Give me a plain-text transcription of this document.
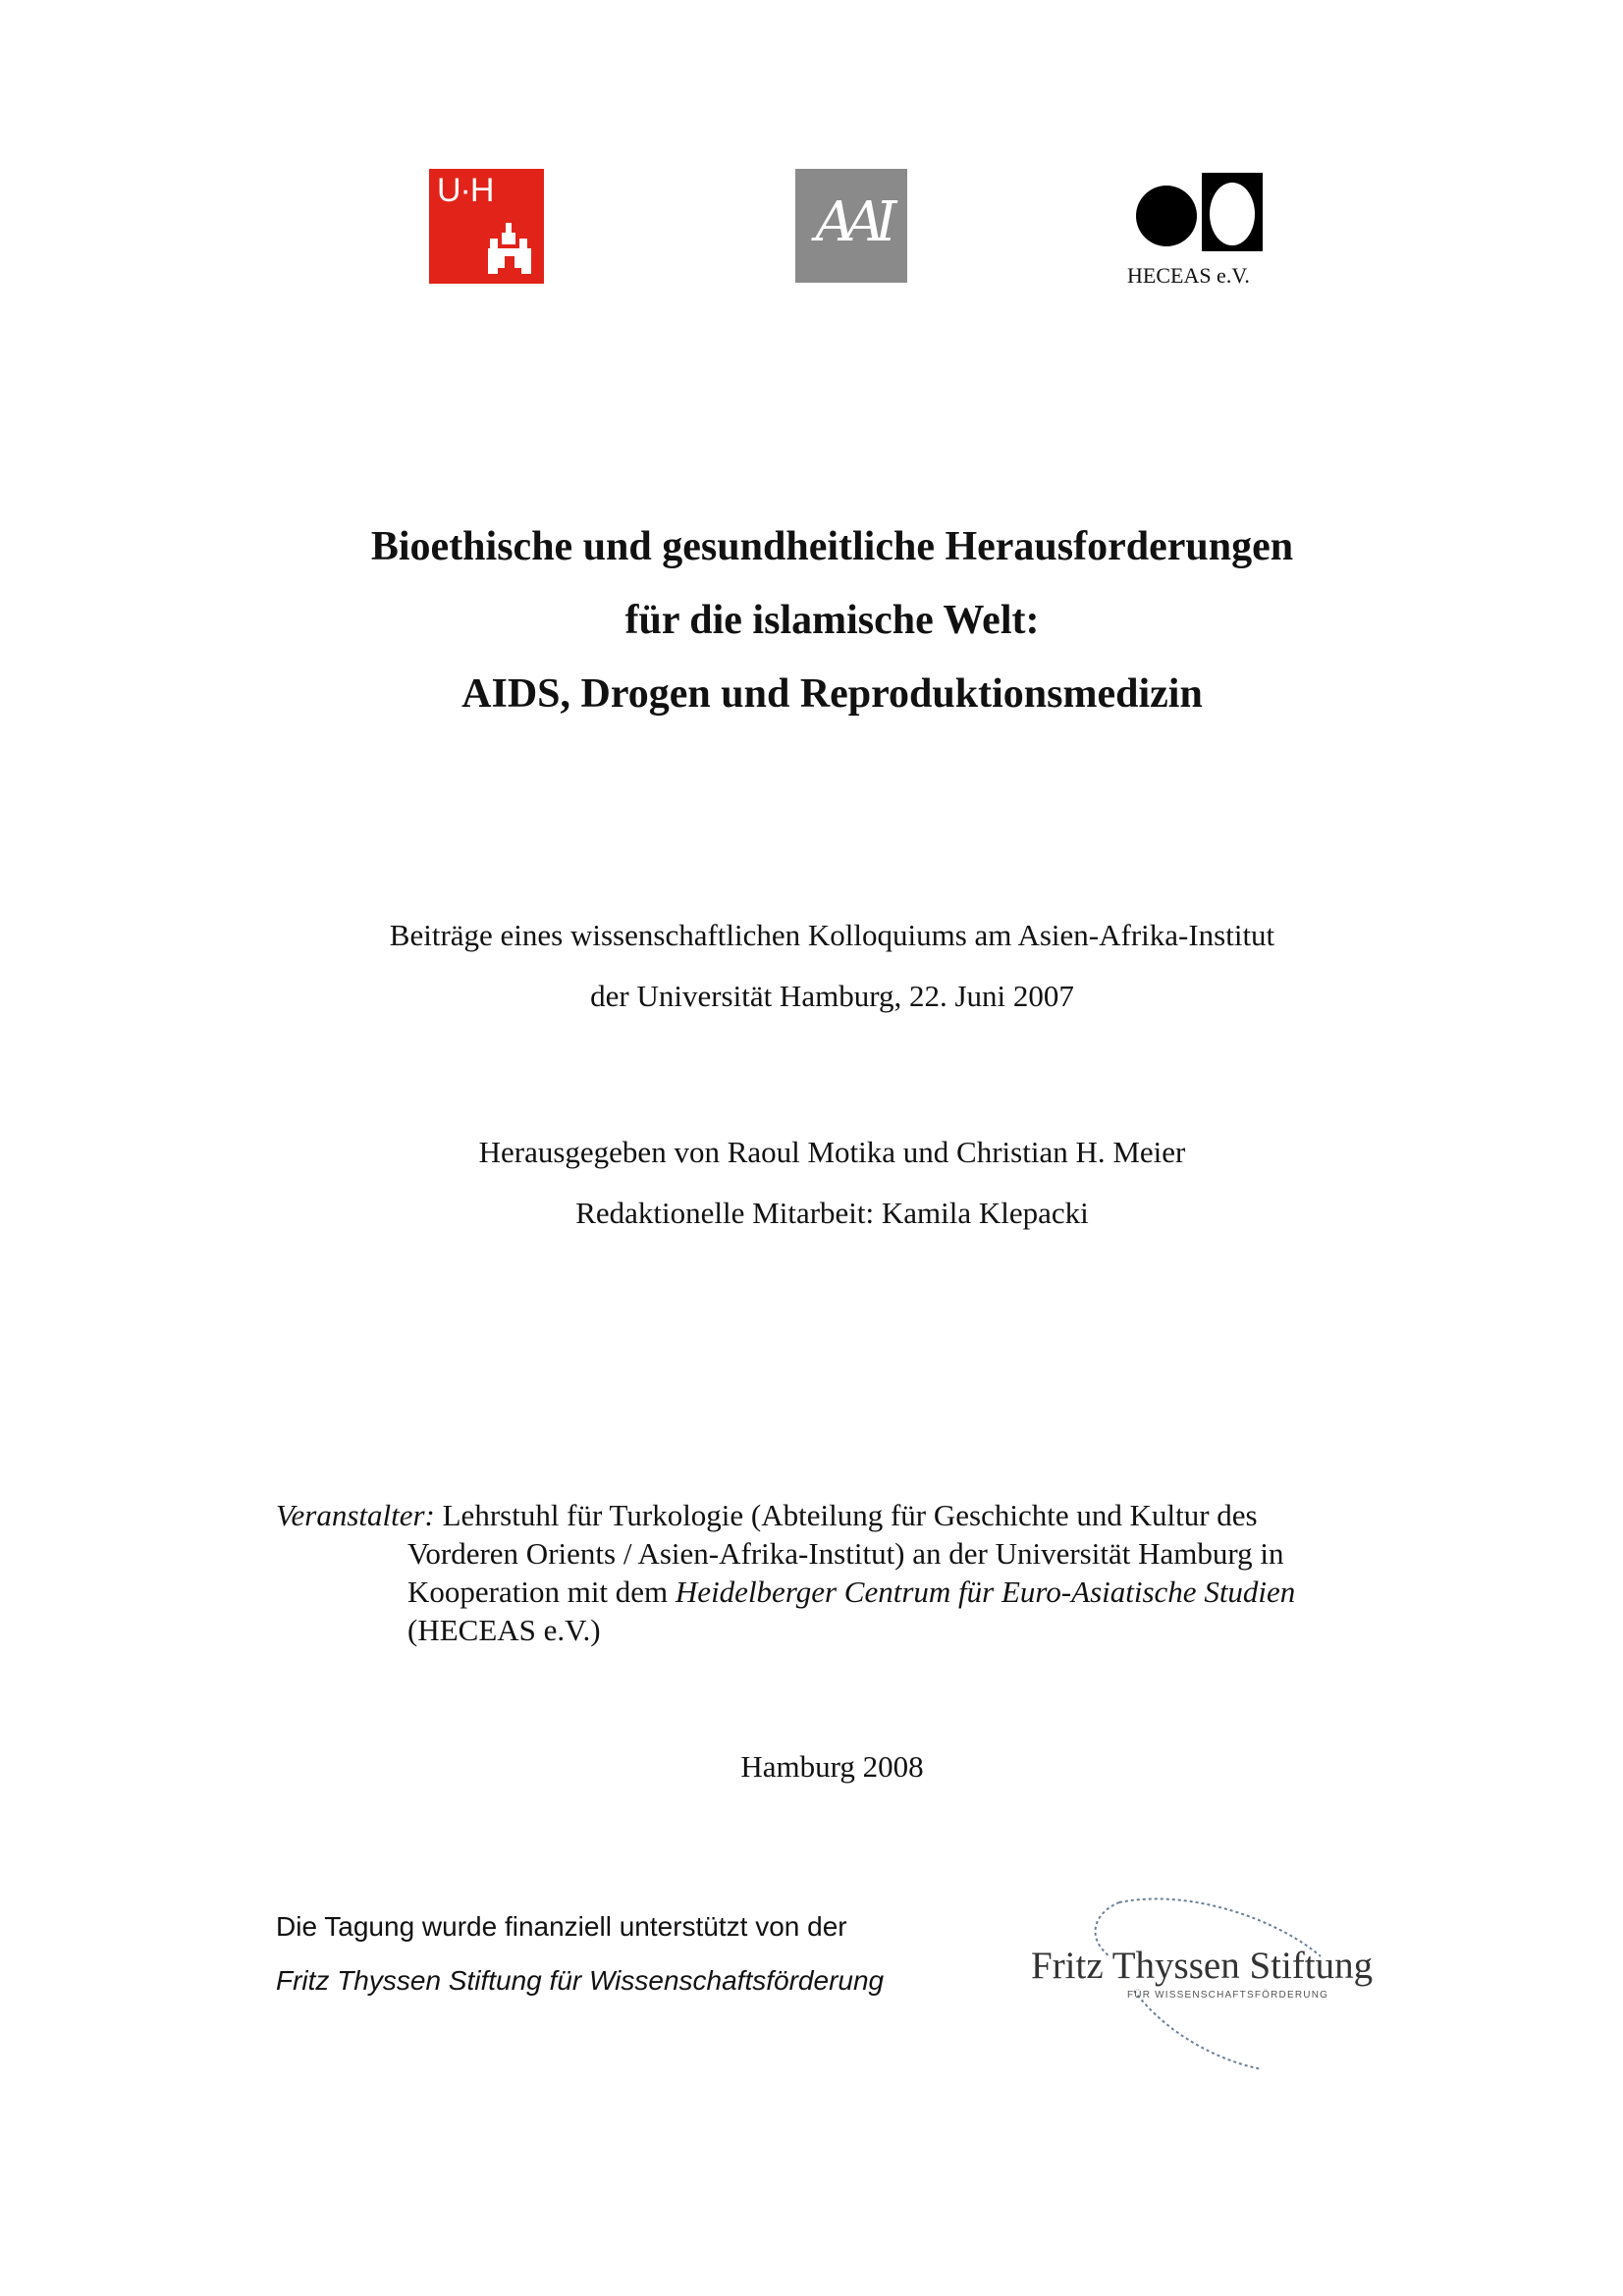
U·H	AAI
HECEAS e.V.

Bioethische und gesundheitliche Herausforderungen

für die islamische Welt:

AIDS, Drogen und Reproduktionsmedizin

Beiträge eines wissenschaftlichen Kolloquiums am Asien-Afrika-Institut

der Universität Hamburg, 22. Juni 2007

Herausgegeben von Raoul Motika und Christian H. Meier

Redaktionelle Mitarbeit: Kamila Klepacki

Veranstalter: Lehrstuhl für Turkologie (Abteilung für Geschichte und Kultur des
Vorderen Orients / Asien-Afrika-Institut) an der Universität Hamburg in
Kooperation mit dem Heidelberger Centrum für Euro-Asiatische Studien
(HECEAS e.V.)
Hamburg 2008
Die Tagung wurde finanziell unterstützt von der
Fritz Thyssen Stiftung für Wissenschaftsförderung	Fritz Thyssen Stiftung
FÜR WISSENSCHAFTSFÖRDERUNG
